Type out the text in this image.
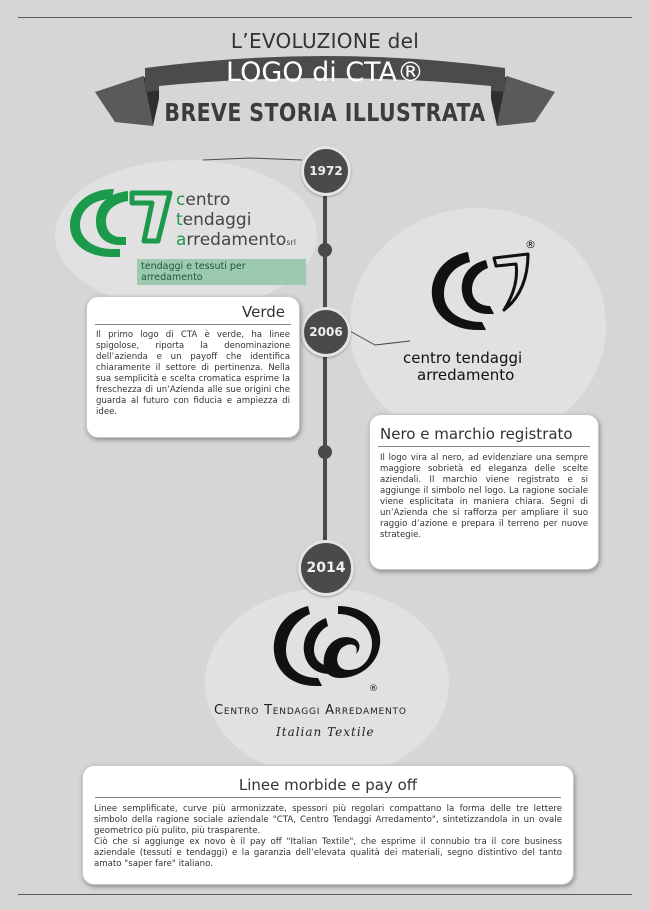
L’EVOLUZIONE del
LOGO di CTA®
BREVE STORIA ILLUSTRATA
1972
2006
2014
centro
tendaggi
arredamentosrl
tendaggi e tessuti per arredamento
Verde
Il primo logo di CTA è verde, ha linee spigolose, riporta la denominazione dell’azienda e un payoff che identifica chiaramente il settore di pertinenza. Nella sua semplicità e scelta cromatica esprime la freschezza di un’Azienda alle sue origini che guarda al futuro con fiducia e ampiezza di idee.
®
centro tendaggi
arredamento
Nero e marchio registrato
Il logo vira al nero, ad evidenziare una sempre maggiore sobrietà ed eleganza delle scelte aziendali. Il marchio viene registrato e si aggiunge il simbolo nel logo. La ragione sociale viene esplicitata in maniera chiara. Segni di un’Azienda che si rafforza per ampliare il suo raggio d’azione e prepara il terreno per nuove strategie.
®
Centro Tendaggi Arredamento
Italian Textile
Linee morbide e pay off
Linee semplificate, curve più armonizzate, spessori più regolari compattano la forma delle tre lettere simbolo della ragione sociale aziendale "CTA, Centro Tendaggi Arredamento", sintetizzandola in un ovale geometrico più pulito, più trasparente.
Ciò che si aggiunge ex novo è il pay off "Italian Textile", che esprime il connubio tra il core business aziendale (tessuti e tendaggi) e la garanzia dell’elevata qualità dei materiali, segno distintivo del tanto amato "saper fare" italiano.
